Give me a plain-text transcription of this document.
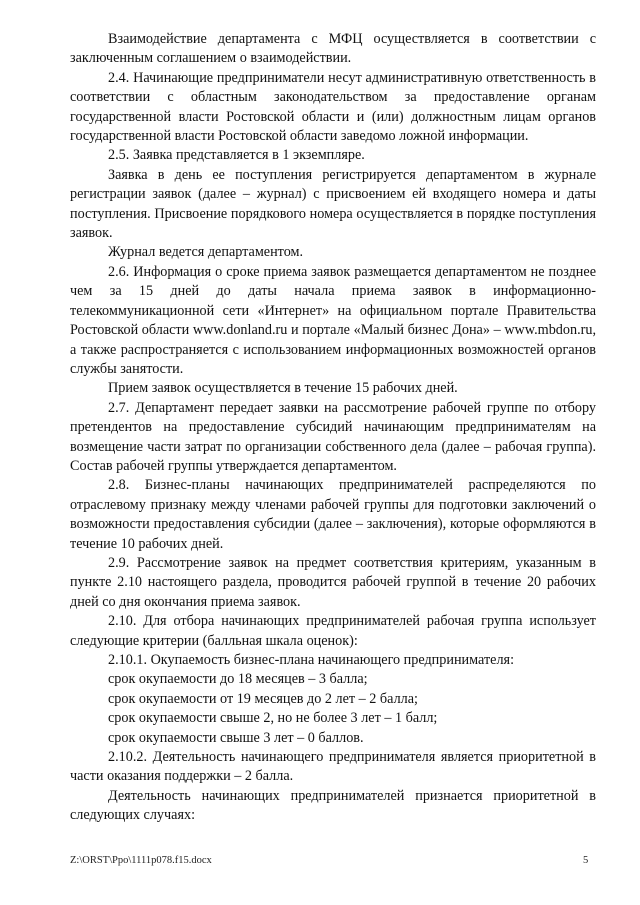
Взаимодействие департамента с МФЦ осуществляется в соответствии с заключенным соглашением о взаимодействии.

2.4. Начинающие предприниматели несут административную ответственность в соответствии с областным законодательством за предоставление органам государственной власти Ростовской области и (или) должностным лицам органов государственной власти Ростовской области заведомо ложной информации.

2.5. Заявка представляется в 1 экземпляре.

Заявка в день ее поступления регистрируется департаментом в журнале регистрации заявок (далее – журнал) с присвоением ей входящего номера и даты поступления. Присвоение порядкового номера осуществляется в порядке поступления заявок.

Журнал ведется департаментом.

2.6. Информация о сроке приема заявок размещается департаментом не позднее чем за 15 дней до даты начала приема заявок в информационно-телекоммуникационной сети «Интернет» на официальном портале Правительства Ростовской области www.donland.ru и портале «Малый бизнес Дона» – www.mbdon.ru, а также распространяется с использованием информационных возможностей органов службы занятости.

Прием заявок осуществляется в течение 15 рабочих дней.

2.7. Департамент передает заявки на рассмотрение рабочей группе по отбору претендентов на предоставление субсидий начинающим предпринимателям на возмещение части затрат по организации собственного дела (далее – рабочая группа). Состав рабочей группы утверждается департаментом.

2.8. Бизнес-планы начинающих предпринимателей распределяются по отраслевому признаку между членами рабочей группы для подготовки заключений о возможности предоставления субсидии (далее – заключения), которые оформляются в течение 10 рабочих дней.

2.9. Рассмотрение заявок на предмет соответствия критериям, указанным в пункте 2.10 настоящего раздела, проводится рабочей группой в течение 20 рабочих дней со дня окончания приема заявок.

2.10. Для отбора начинающих предпринимателей рабочая группа использует следующие критерии (балльная шкала оценок):

2.10.1. Окупаемость бизнес-плана начинающего предпринимателя:

срок окупаемости до 18 месяцев – 3 балла;

срок окупаемости от 19 месяцев до 2 лет – 2 балла;

срок окупаемости свыше 2, но не более 3 лет – 1 балл;

срок окупаемости свыше 3 лет – 0 баллов.

2.10.2. Деятельность начинающего предпринимателя является приоритетной в части оказания поддержки – 2 балла.

Деятельность начинающих предпринимателей признается приоритетной в следующих случаях:

Z:\ORST\Ppo\1111p078.f15.docx	5
